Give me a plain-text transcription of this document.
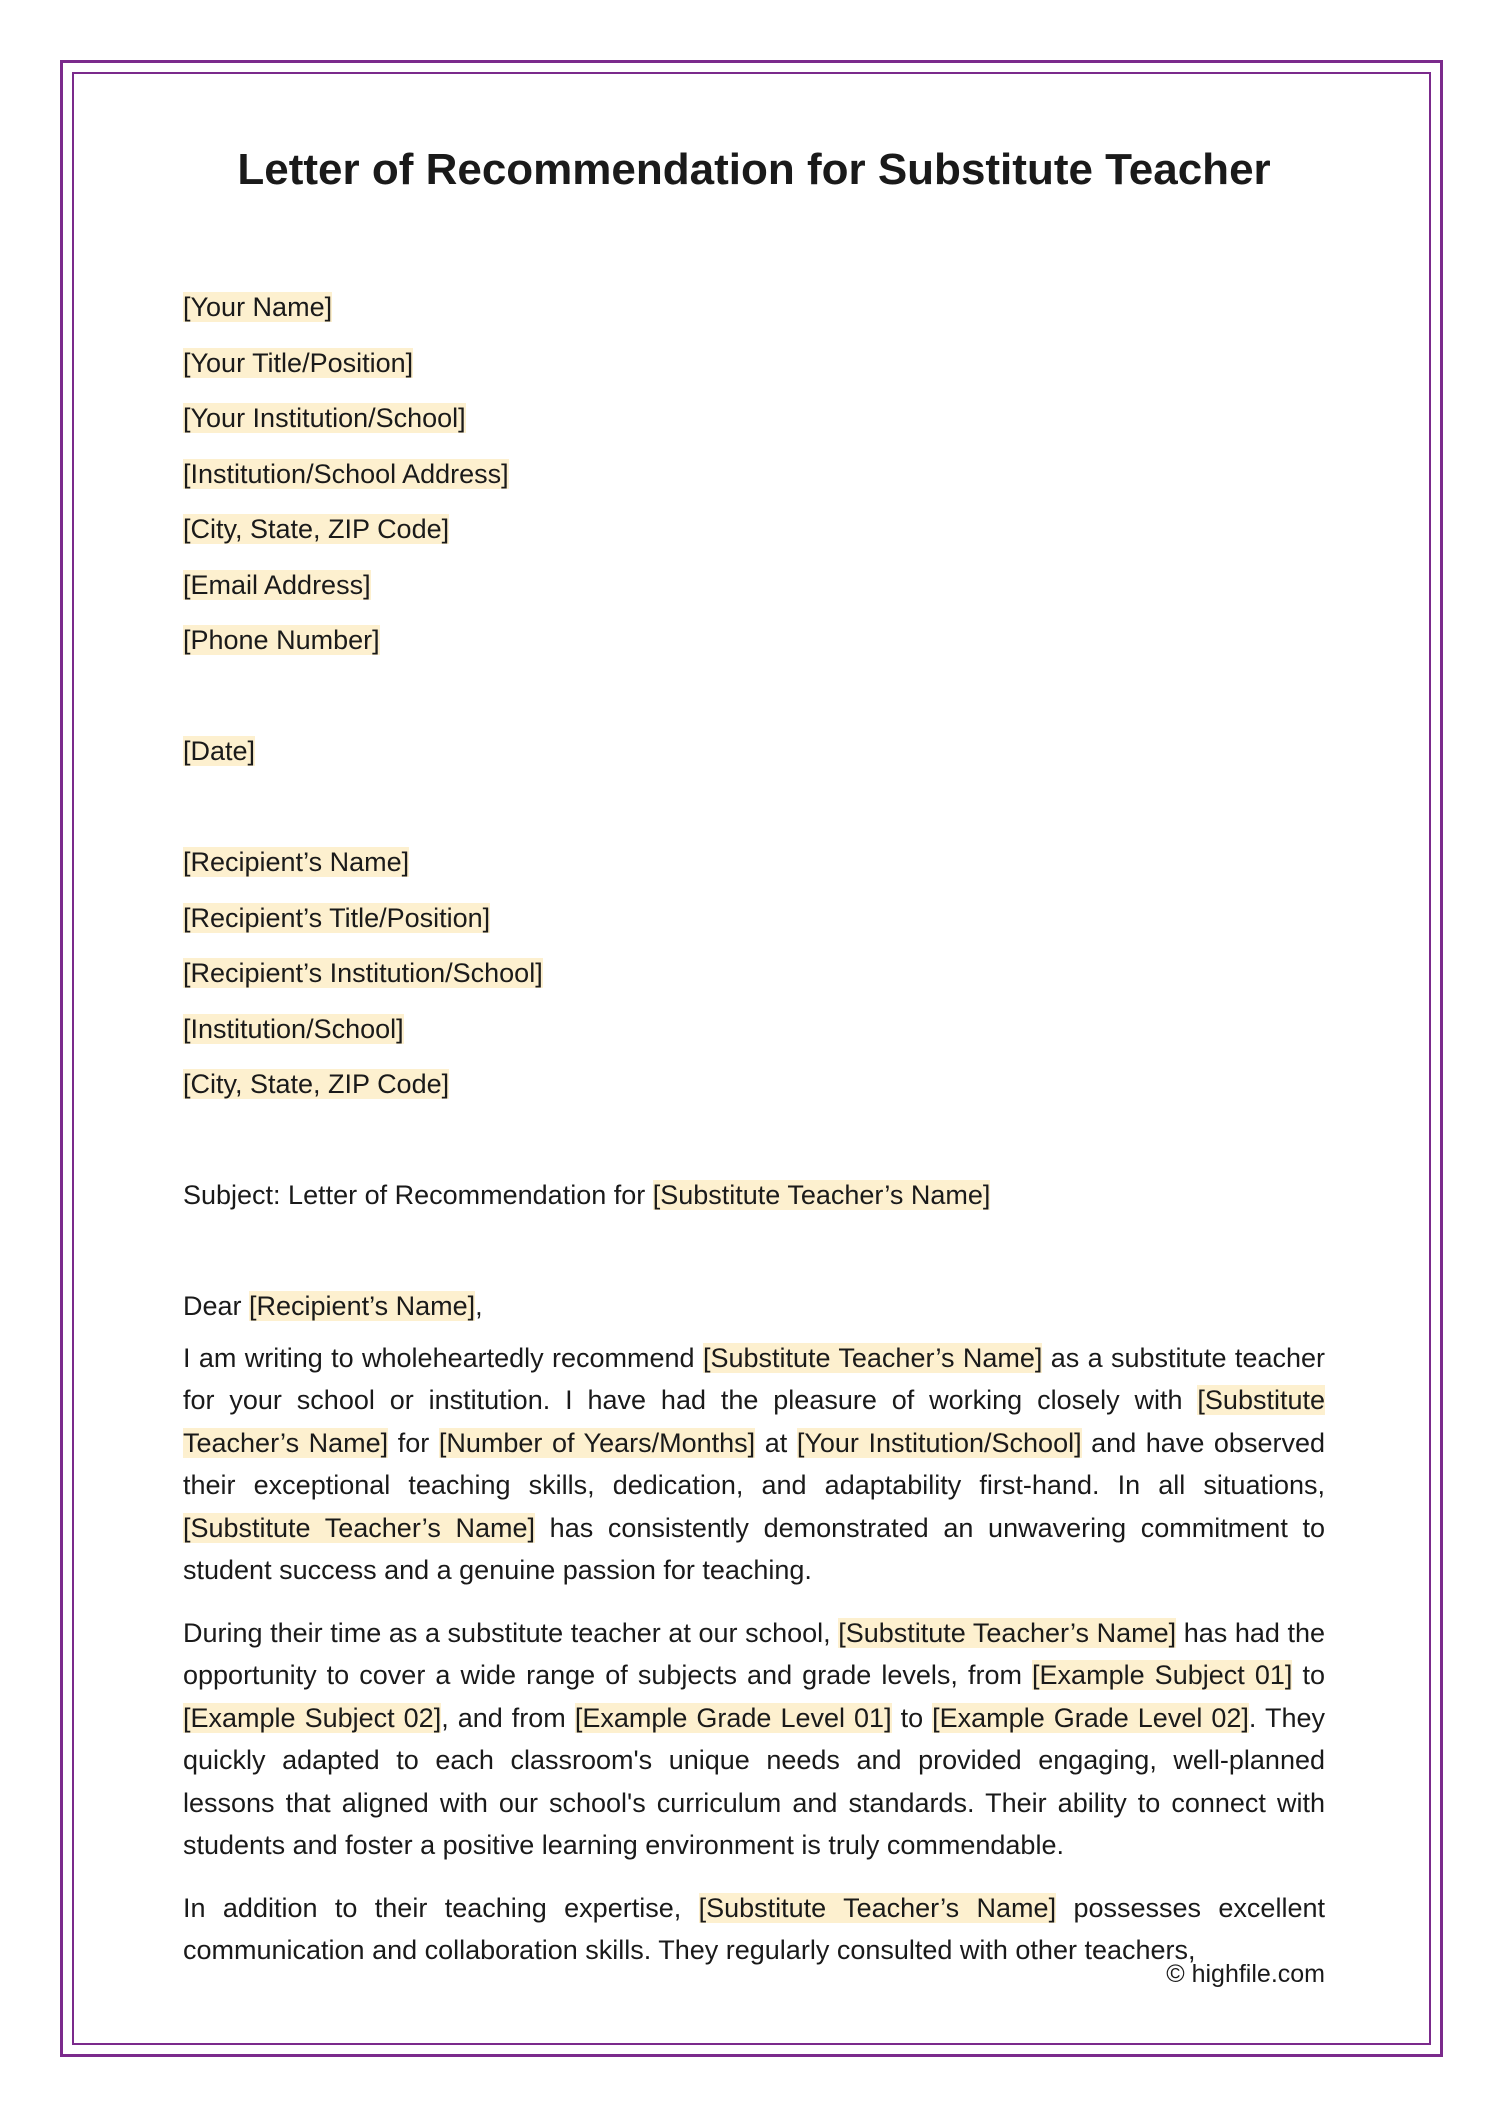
Letter of Recommendation for Substitute Teacher
[Your Name]
[Your Title/Position]
[Your Institution/School]
[Institution/School Address]
[City, State, ZIP Code]
[Email Address]
[Phone Number]
[Date]
[Recipient’s Name]
[Recipient’s Title/Position]
[Recipient’s Institution/School]
[Institution/School]
[City, State, ZIP Code]
Subject: Letter of Recommendation for [Substitute Teacher’s Name]
Dear [Recipient’s Name],

I am writing to wholeheartedly recommend [Substitute Teacher’s Name] as a substitute teacher for your school or institution. I have had the pleasure of working closely with [Substitute Teacher’s Name] for [Number of Years/Months] at [Your Institution/School] and have observed their exceptional teaching skills, dedication, and adaptability first-hand. In all situations, [Substitute Teacher’s Name] has consistently demonstrated an unwavering commitment to student success and a genuine passion for teaching.

During their time as a substitute teacher at our school, [Substitute Teacher’s Name] has had the opportunity to cover a wide range of subjects and grade levels, from [Example Subject 01] to [Example Subject 02], and from [Example Grade Level 01] to [Example Grade Level 02]. They quickly adapted to each classroom's unique needs and provided engaging, well-planned lessons that aligned with our school's curriculum and standards. Their ability to connect with students and foster a positive learning environment is truly commendable.

In addition to their teaching expertise, [Substitute Teacher’s Name] possesses excellent communication and collaboration skills. They regularly consulted with other teachers,

© highfile.com
